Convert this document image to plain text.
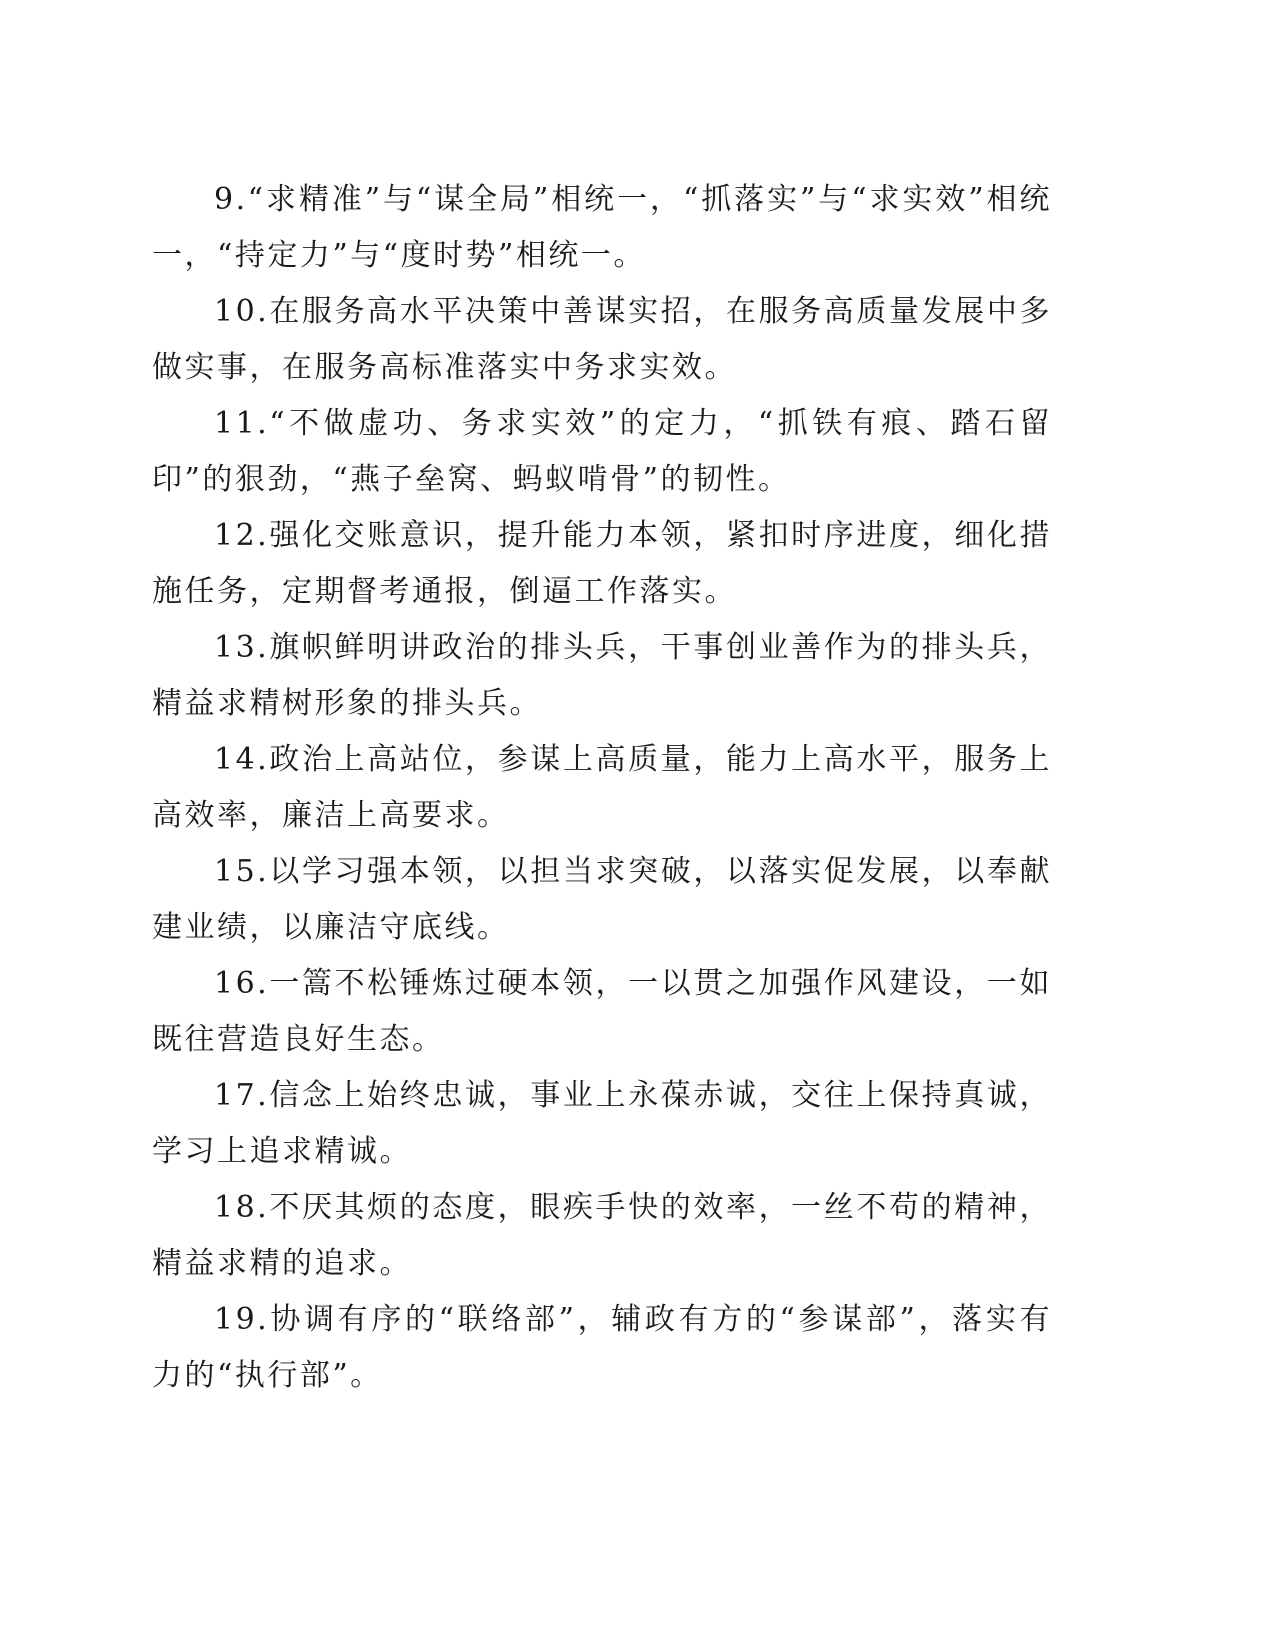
9.“求精准”与“谋全局”相统一，“抓落实”与“求实效”相统一，“持定力”与“度时势”相统一。

10.在服务高水平决策中善谋实招，在服务高质量发展中多做实事，在服务高标准落实中务求实效。

11.“不做虚功、务求实效”的定力，“抓铁有痕、踏石留印”的狠劲，“燕子垒窝、蚂蚁啃骨”的韧性。

12.强化交账意识，提升能力本领，紧扣时序进度，细化措施任务，定期督考通报，倒逼工作落实。

13.旗帜鲜明讲政治的排头兵，干事创业善作为的排头兵，精益求精树形象的排头兵。

14.政治上高站位，参谋上高质量，能力上高水平，服务上高效率，廉洁上高要求。

15.以学习强本领，以担当求突破，以落实促发展，以奉献建业绩，以廉洁守底线。

16.一篙不松锤炼过硬本领，一以贯之加强作风建设，一如既往营造良好生态。

17.信念上始终忠诚，事业上永葆赤诚，交往上保持真诚，学习上追求精诚。

18.不厌其烦的态度，眼疾手快的效率，一丝不苟的精神，精益求精的追求。

19.协调有序的“联络部”，辅政有方的“参谋部”，落实有力的“执行部”。
